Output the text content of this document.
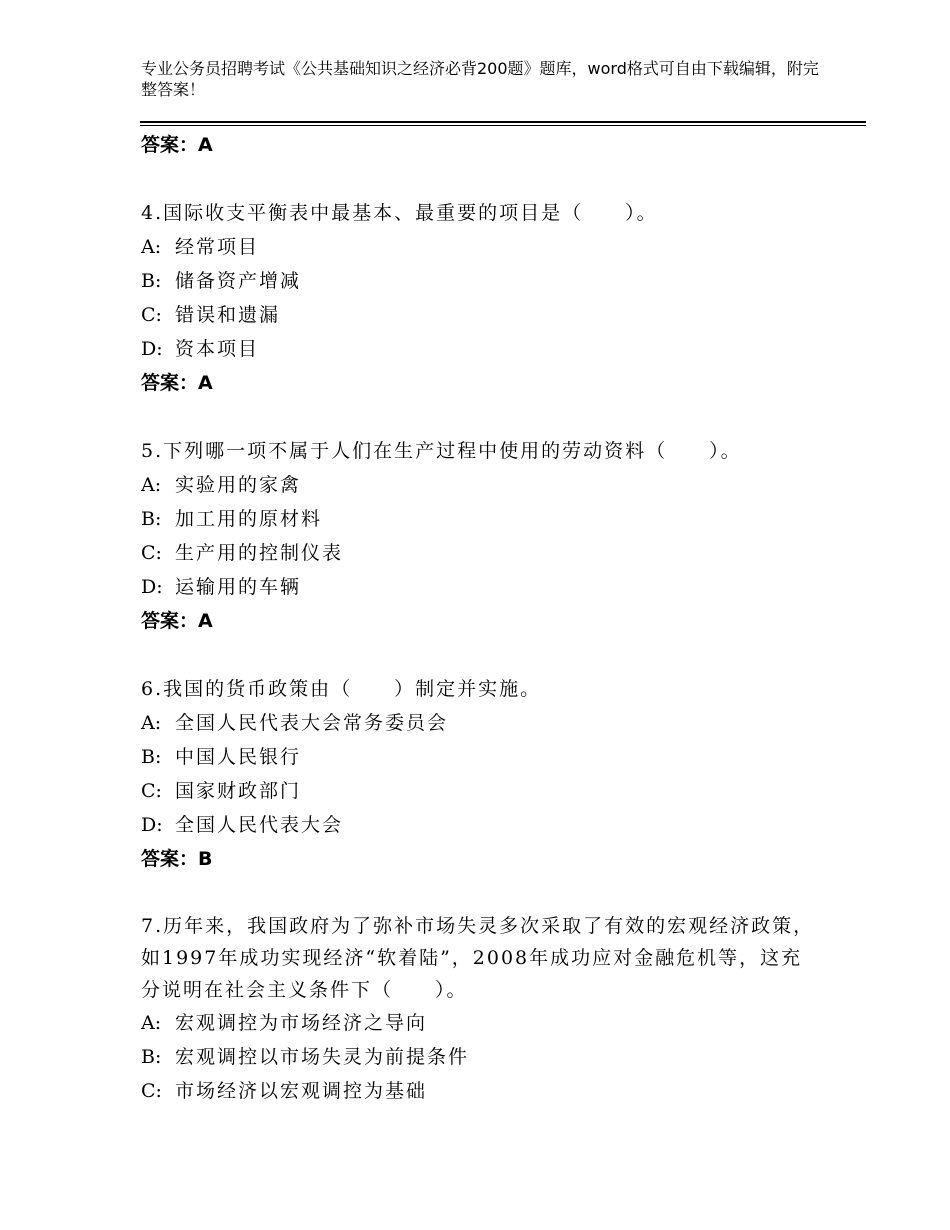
专业公务员招聘考试《公共基础知识之经济必背200题》题库，word格式可自由下载编辑，附完整答案！
答案：A
4.国际收支平衡表中最基本、最重要的项目是（　　）。
A: 经常项目
B: 储备资产增减
C: 错误和遗漏
D: 资本项目
答案：A
5.下列哪一项不属于人们在生产过程中使用的劳动资料（　　）。
A: 实验用的家禽
B: 加工用的原材料
C: 生产用的控制仪表
D: 运输用的车辆
答案：A
6.我国的货币政策由（　　）制定并实施。
A: 全国人民代表大会常务委员会
B: 中国人民银行
C: 国家财政部门
D: 全国人民代表大会
答案：B
7.历年来，我国政府为了弥补市场失灵多次采取了有效的宏观经济政策，如1997年成功实现经济“软着陆”，2008年成功应对金融危机等，这充分说明在社会主义条件下（　　）。
A: 宏观调控为市场经济之导向
B: 宏观调控以市场失灵为前提条件
C: 市场经济以宏观调控为基础
